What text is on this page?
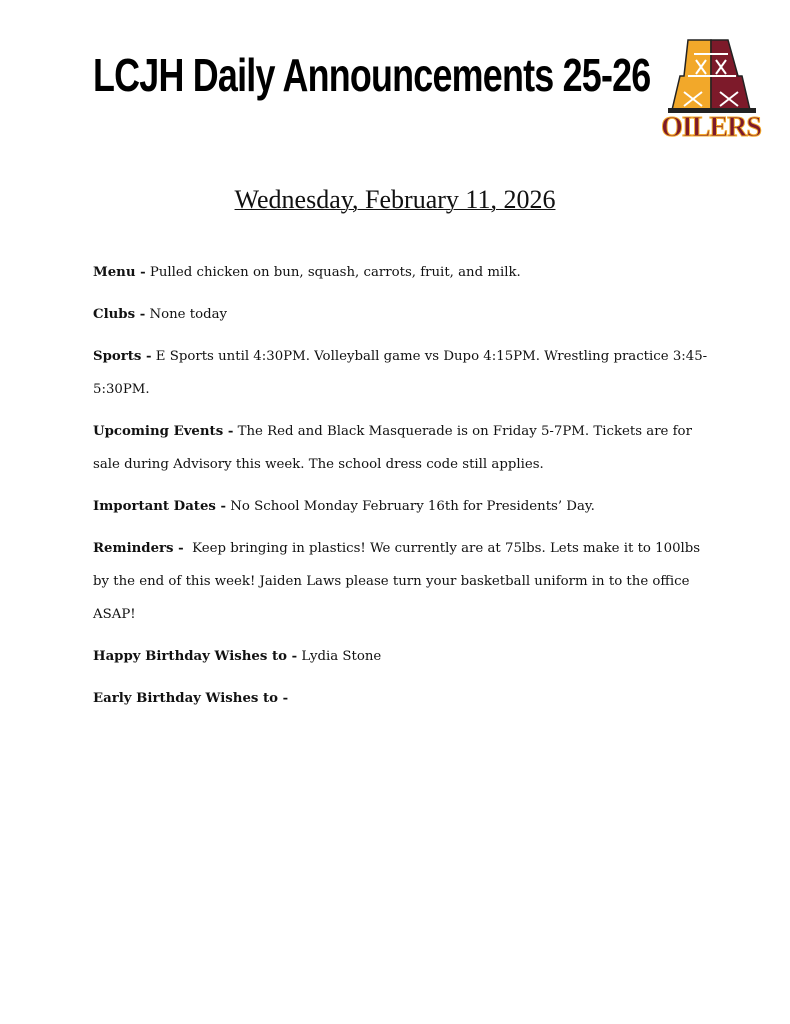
LCJH Daily Announcements 25-26
OILERS
Wednesday, February 11, 2026

Menu - Pulled chicken on bun, squash, carrots, fruit, and milk.

Clubs - None today

Sports - E Sports until 4:30PM. Volleyball game vs Dupo 4:15PM. Wrestling practice 3:45-5:30PM.

Upcoming Events - The Red and Black Masquerade is on Friday 5-7PM. Tickets are for sale during Advisory this week. The school dress code still applies.

Important Dates - No School Monday February 16th for Presidents’ Day.

Reminders -  Keep bringing in plastics! We currently are at 75lbs. Lets make it to 100lbs by the end of this week! Jaiden Laws please turn your basketball uniform in to the office ASAP!

Happy Birthday Wishes to - Lydia Stone

Early Birthday Wishes to -
